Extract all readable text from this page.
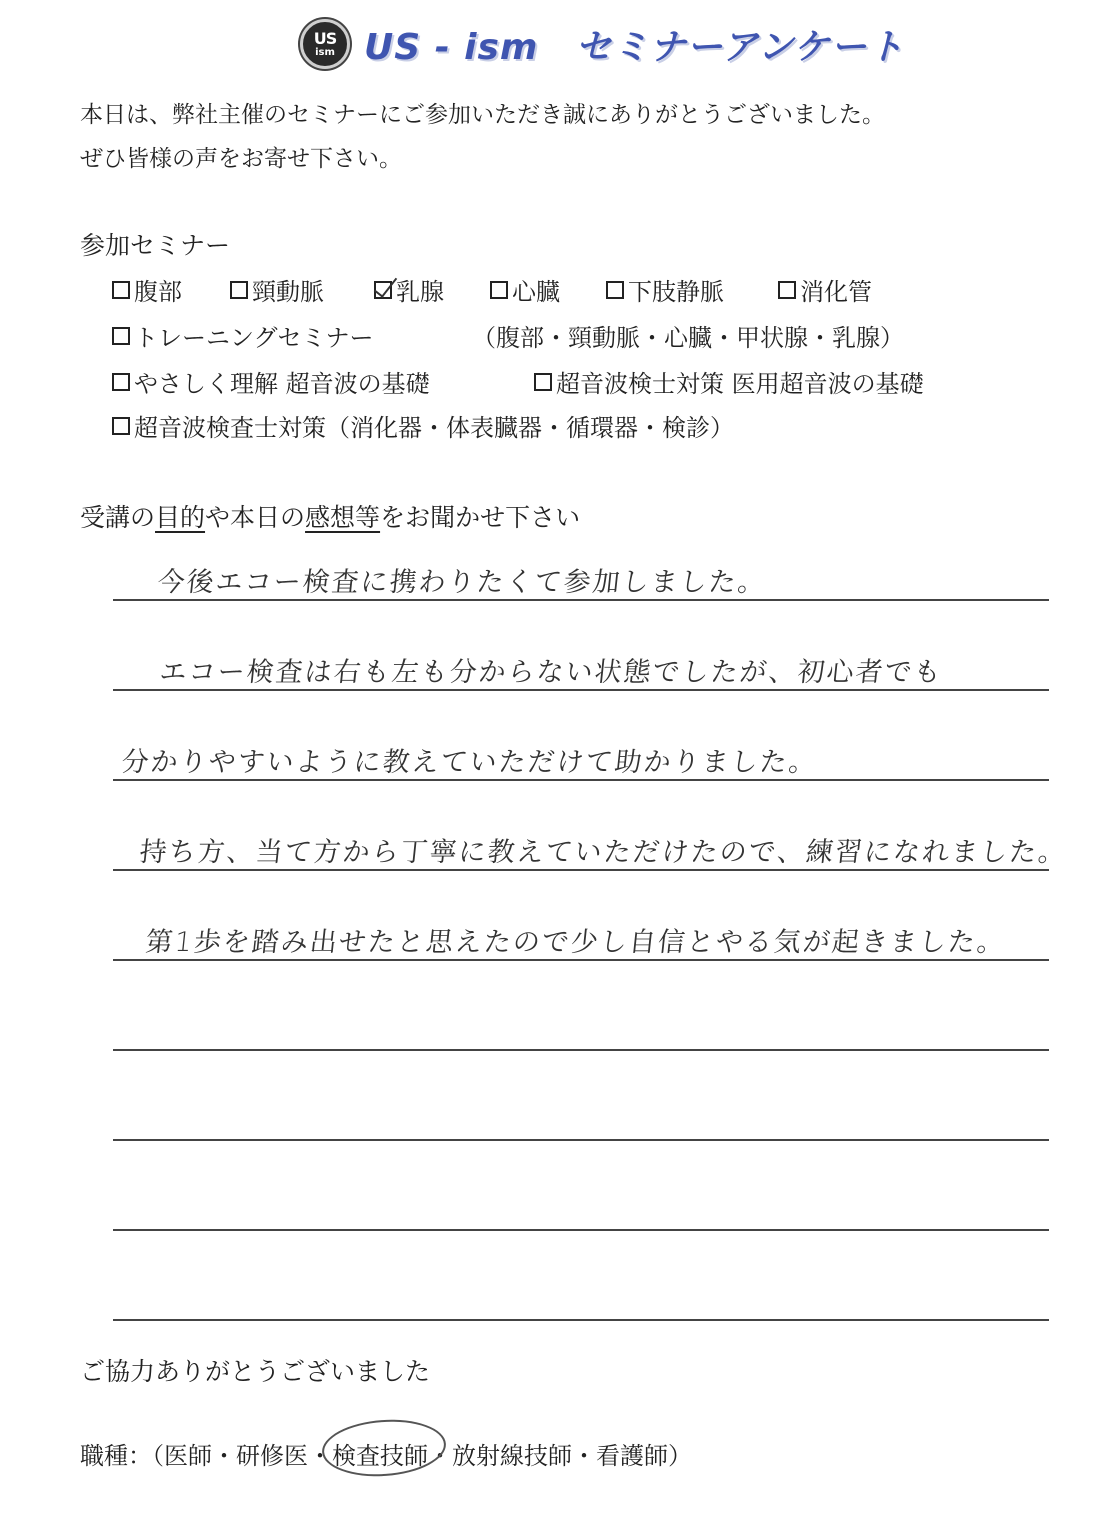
US
ism US - ism　セミナーアンケート
本日は、弊社主催のセミナーにご参加いただき誠にありがとうございました。
ぜひ皆様の声をお寄せ下さい。
参加セミナー
腹部	頸動脈	乳腺	心臓	下肢静脈	消化管
トレーニングセミナー	（腹部・頸動脈・心臓・甲状腺・乳腺）
やさしく理解 超音波の基礎	超音波検士対策 医用超音波の基礎
超音波検査士対策（消化器・体表臓器・循環器・検診）
受講の目的や本日の感想等をお聞かせ下さい
今後エコー検査に携わりたくて参加しました。
エコー検査は右も左も分からない状態でしたが、初心者でも
分かりやすいように教えていただけて助かりました。
持ち方、当て方から丁寧に教えていただけたので、練習になれました。
第1歩を踏み出せたと思えたので少し自信とやる気が起きました。
ご協力ありがとうございました
職種：（医師・研修医・検査技師・放射線技師・看護師）
